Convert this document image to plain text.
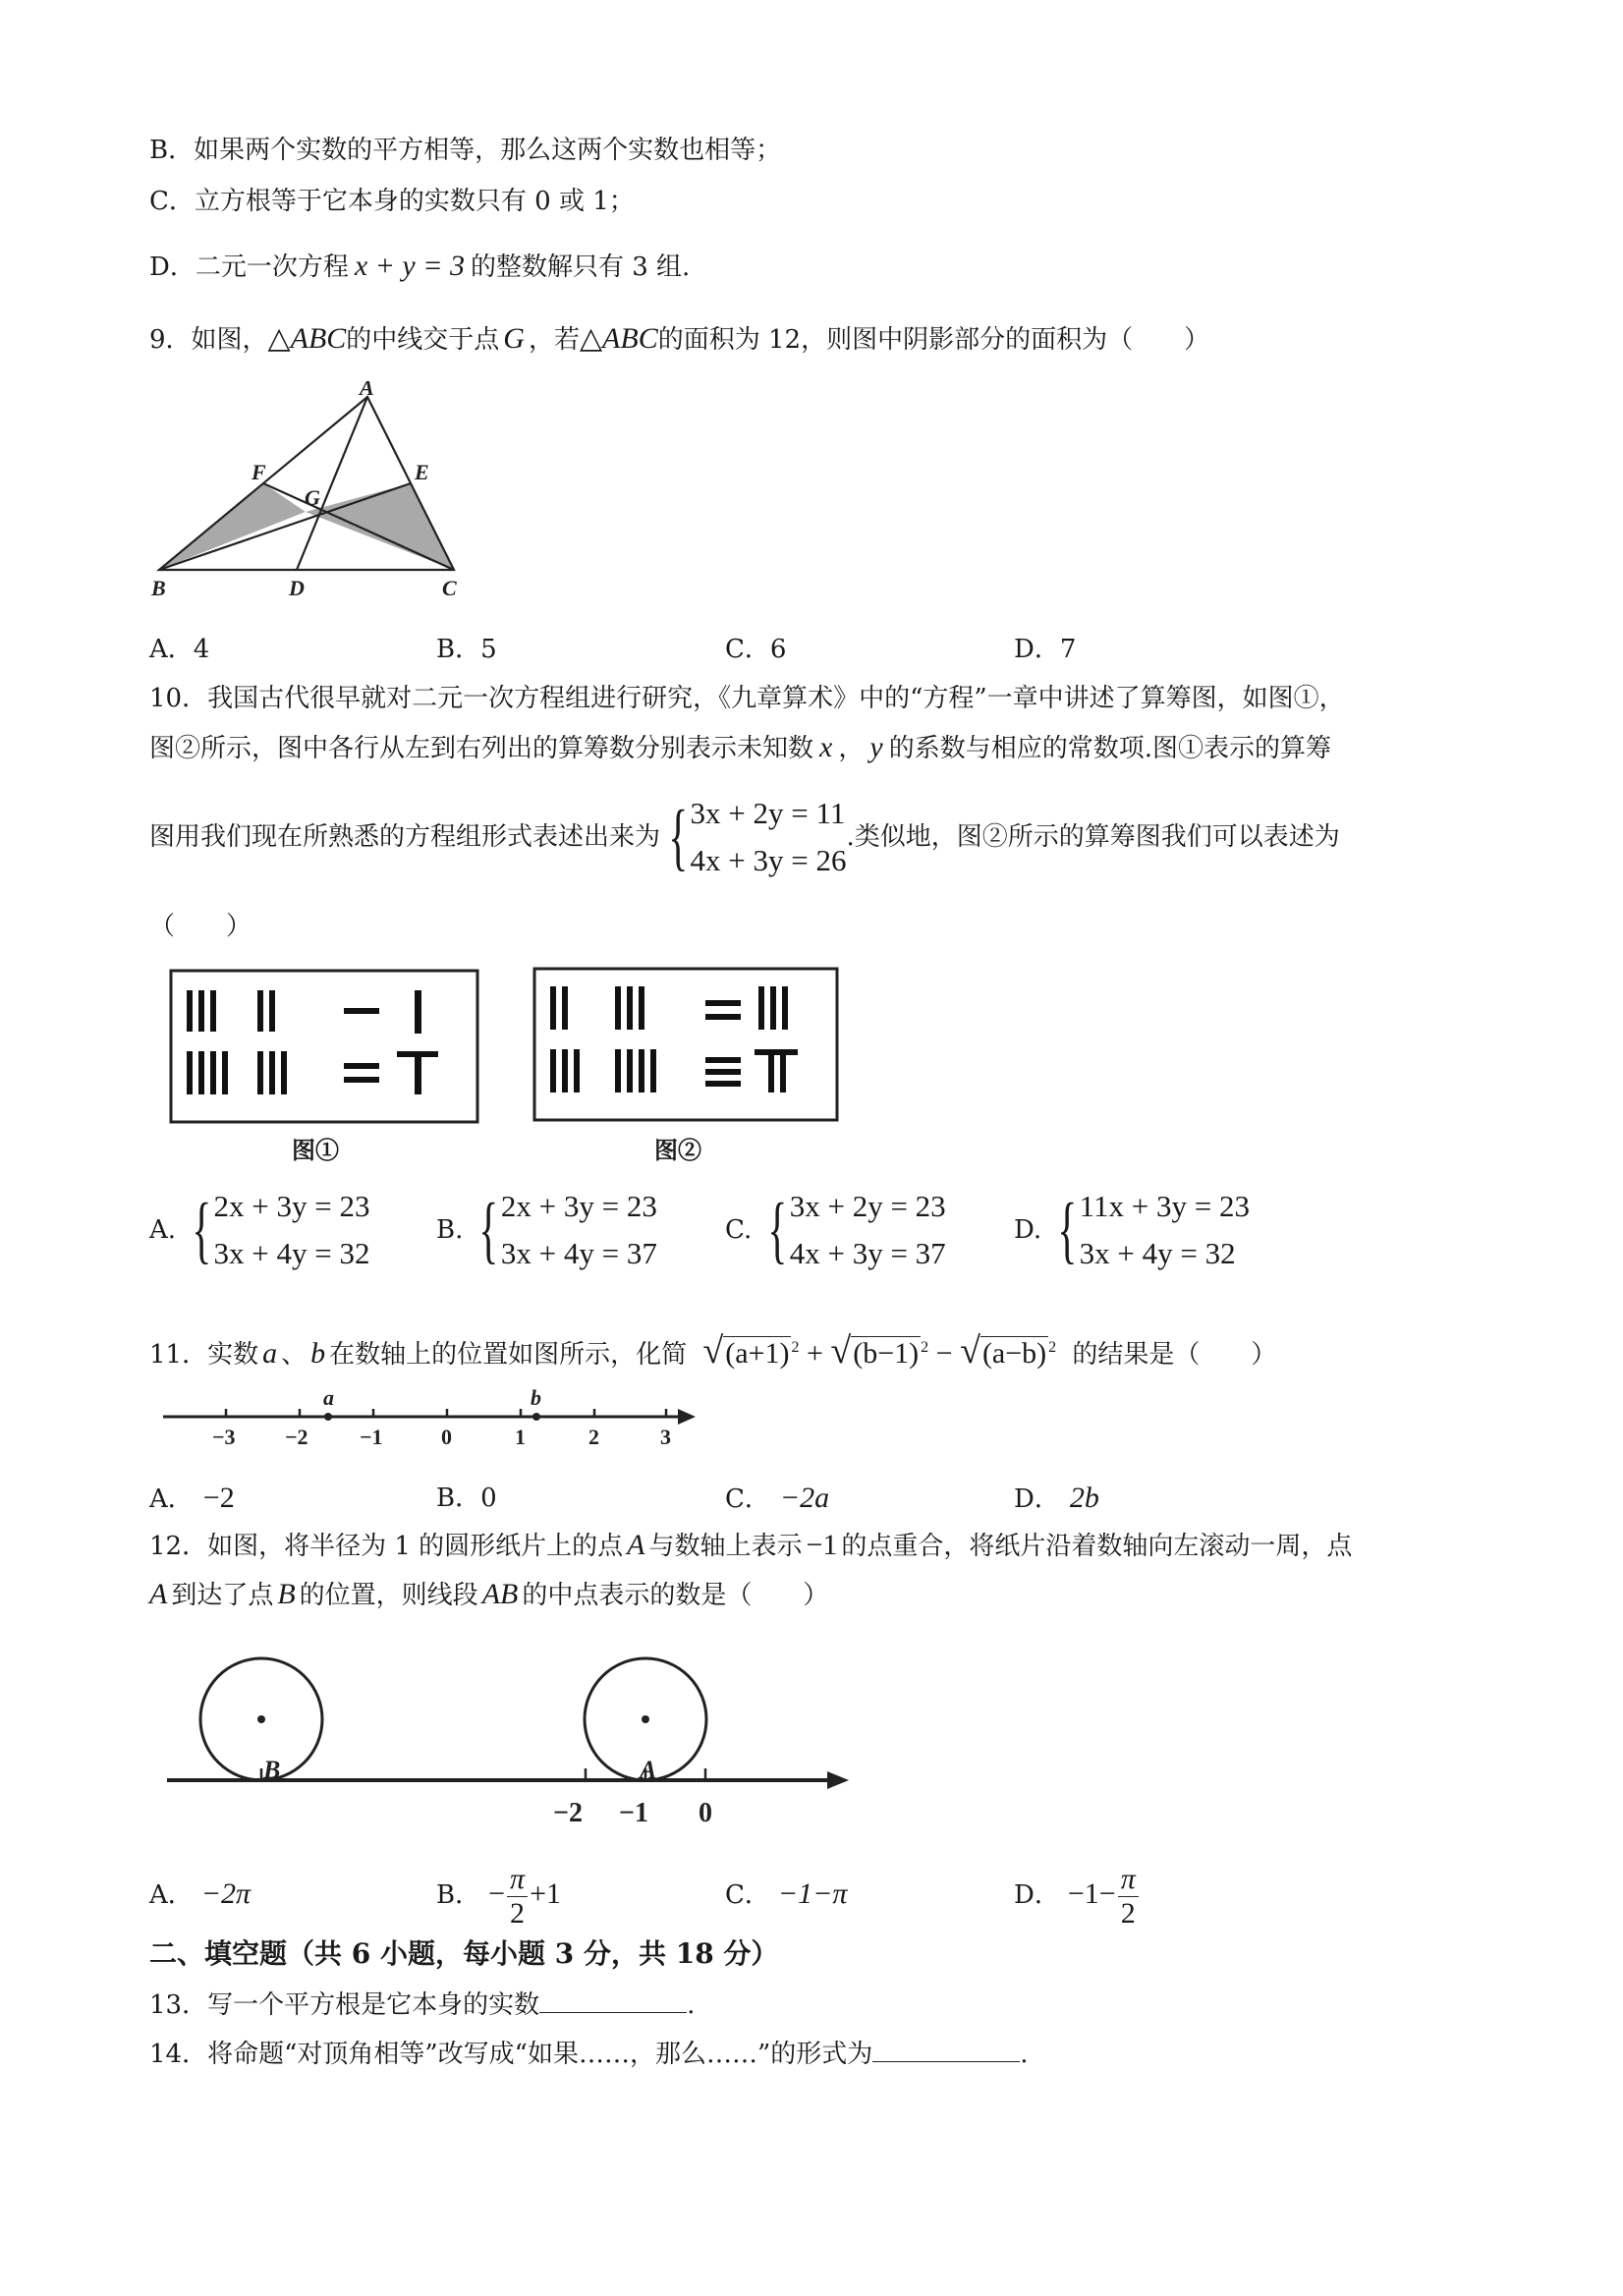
B．如果两个实数的平方相等，那么这两个实数也相等；
C．立方根等于它本身的实数只有 0 或 1；
D．二元一次方程 x + y = 3 的整数解只有 3 组.
9．如图，△ABC的中线交于点 G ，若△ABC的面积为 12，则图中阴影部分的面积为（　　）
A
F	E
G
B	D	C
A．4	B．5	C．6	D．7
10．我国古代很早就对二元一次方程组进行研究，《九章算术》中的“方程”一章中讲述了算筹图，如图①，
图②所示，图中各行从左到右列出的算筹数分别表示未知数 x ， y 的系数与相应的常数项.图①表示的算筹
图用我们现在所熟悉的方程组形式表述出来为 { 3x + 2y = 11
4x + 3y = 26
.类似地，图②所示的算筹图我们可以表述为
（　　）
图①	图②
A. { 2x + 3y = 23
3x + 4y = 32
B. { 2x + 3y = 23
3x + 4y = 37
C. { 3x + 2y = 23
4x + 3y = 37
D. { 11x + 3y = 23
3x + 4y = 32
11．实数 a 、 b 在数轴上的位置如图所示，化简 √(a+1) $^2$ + √(b−1) $^2$ − √(a−b) $^2$ 的结果是（　　）
−3 −2 −1	0	1	2	3
a	b
A． −2	B．0	C． −2a	D． 2b
12．如图，将半径为 1 的圆形纸片上的点 A 与数轴上表示 −1 的点重合，将纸片沿着数轴向左滚动一周，点
A 到达了点 B 的位置，则线段 AB 的中点表示的数是（　　）
B	A
−2 −1 0
A． −2π	B． − $\frac{\pi}{2} +1$	C． −1−π	D． $-1- \frac{\pi}{2}$
二、填空题（共 6 小题，每小题 3 分，共 18 分）
13．写一个平方根是它本身的实数	.
14．将命题“对顶角相等”改写成“如果……，那么……”的形式为	.
